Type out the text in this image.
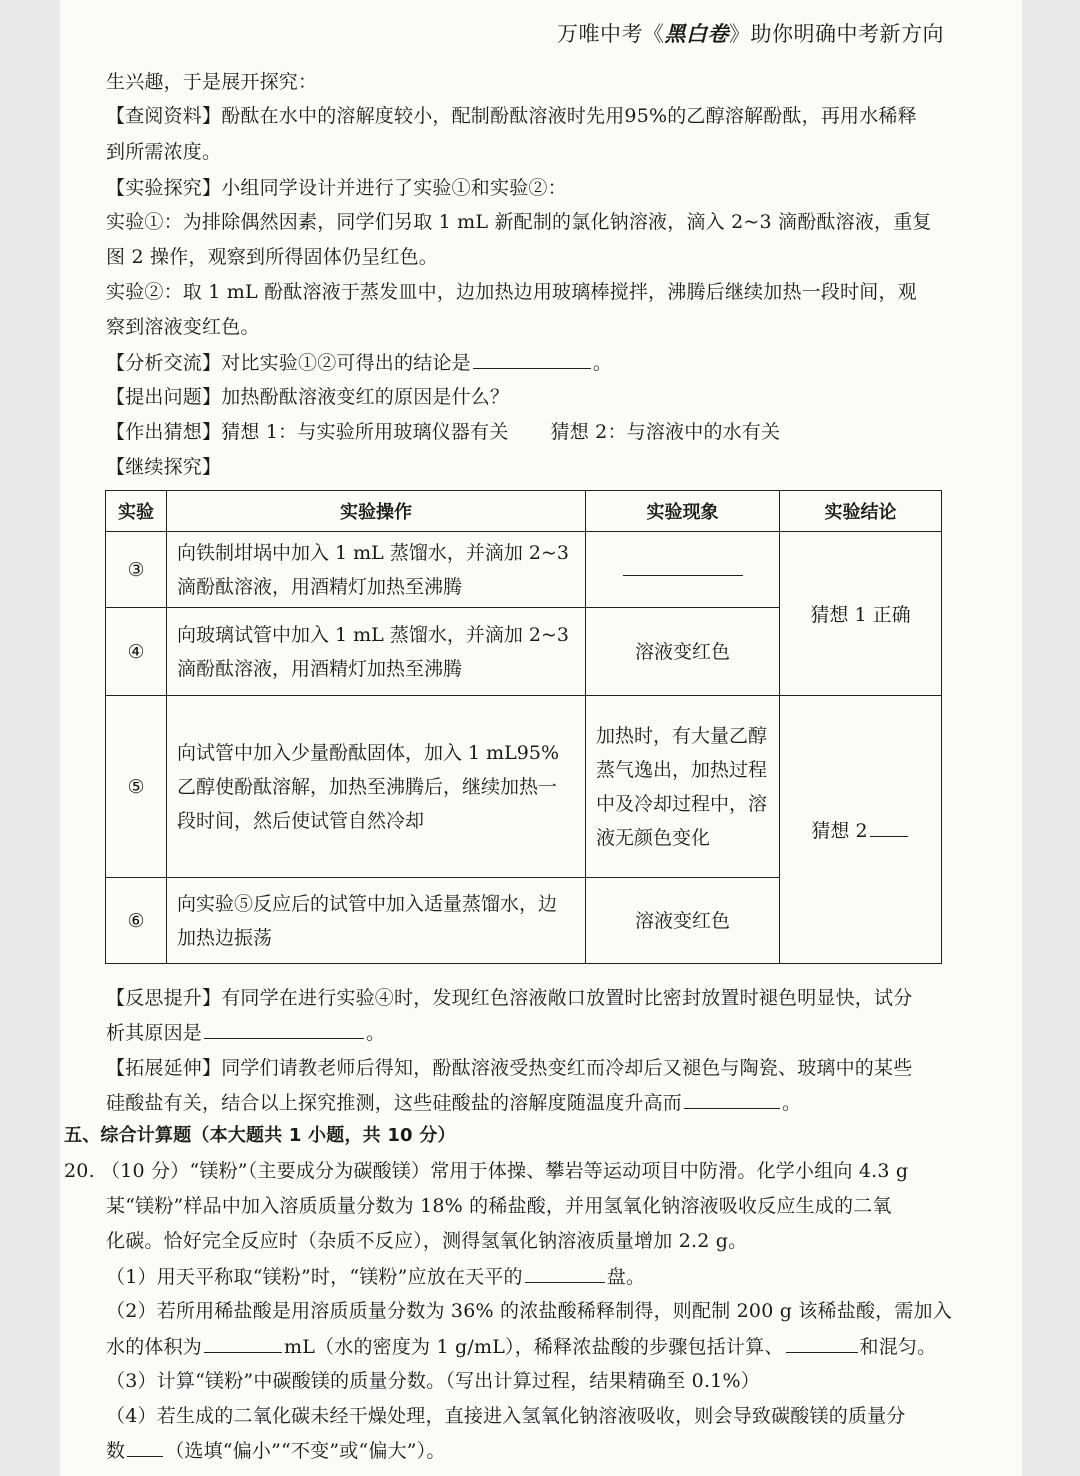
万唯中考《黑白卷》助你明确中考新方向
生兴趣，于是展开探究：
【查阅资料】酚酞在水中的溶解度较小，配制酚酞溶液时先用95%的乙醇溶解酚酞，再用水稀释
到所需浓度。
【实验探究】小组同学设计并进行了实验①和实验②：
实验①：为排除偶然因素，同学们另取 1 mL 新配制的氯化钠溶液，滴入 2~3 滴酚酞溶液，重复
图 2 操作，观察到所得固体仍呈红色。
实验②：取 1 mL 酚酞溶液于蒸发皿中，边加热边用玻璃棒搅拌，沸腾后继续加热一段时间，观
察到溶液变红色。
【分析交流】对比实验①②可得出的结论是	。
【提出问题】加热酚酞溶液变红的原因是什么？
【作出猜想】猜想 1：与实验所用玻璃仪器有关 猜想 2：与溶液中的水有关
【继续探究】
实验	实验操作	实验现象	实验结论
③	向铁制坩埚中加入 1 mL 蒸馏水，并滴加 2~3 滴酚酞溶液，用酒精灯加热至沸腾		猜想 1 正确
④	向玻璃试管中加入 1 mL 蒸馏水，并滴加 2~3 滴酚酞溶液，用酒精灯加热至沸腾	溶液变红色	
⑤	向试管中加入少量酚酞固体，加入 1 mL95% 乙醇使酚酞溶解，加热至沸腾后，继续加热一段时间，然后使试管自然冷却	加热时，有大量乙醇蒸气逸出，加热过程中及冷却过程中，溶液无颜色变化	猜想 2
⑥	向实验⑤反应后的试管中加入适量蒸馏水，边加热边振荡	溶液变红色	
【反思提升】有同学在进行实验④时，发现红色溶液敞口放置时比密封放置时褪色明显快，试分
析其原因是	。
【拓展延伸】同学们请教老师后得知，酚酞溶液受热变红而冷却后又褪色与陶瓷、玻璃中的某些
硅酸盐有关，结合以上探究推测，这些硅酸盐的溶解度随温度升高而	。
五、综合计算题（本大题共 1 小题，共 10 分）
20. （10 分）“镁粉”（主要成分为碳酸镁）常用于体操、攀岩等运动项目中防滑。化学小组向 4.3 g
某“镁粉”样品中加入溶质质量分数为 18% 的稀盐酸，并用氢氧化钠溶液吸收反应生成的二氧
化碳。恰好完全反应时（杂质不反应），测得氢氧化钠溶液质量增加 2.2 g。
（1）用天平称取“镁粉”时，“镁粉”应放在天平的	盘。
（2）若所用稀盐酸是用溶质质量分数为 36% 的浓盐酸稀释制得，则配制 200 g 该稀盐酸，需加入
水的体积为	mL（水的密度为 1 g/mL），稀释浓盐酸的步骤包括计算、	和混匀。
（3）计算“镁粉”中碳酸镁的质量分数。（写出计算过程，结果精确至 0.1%）
（4）若生成的二氧化碳未经干燥处理，直接进入氢氧化钠溶液吸收，则会导致碳酸镁的质量分
数 （选填“偏小”“不变”或“偏大”）。
